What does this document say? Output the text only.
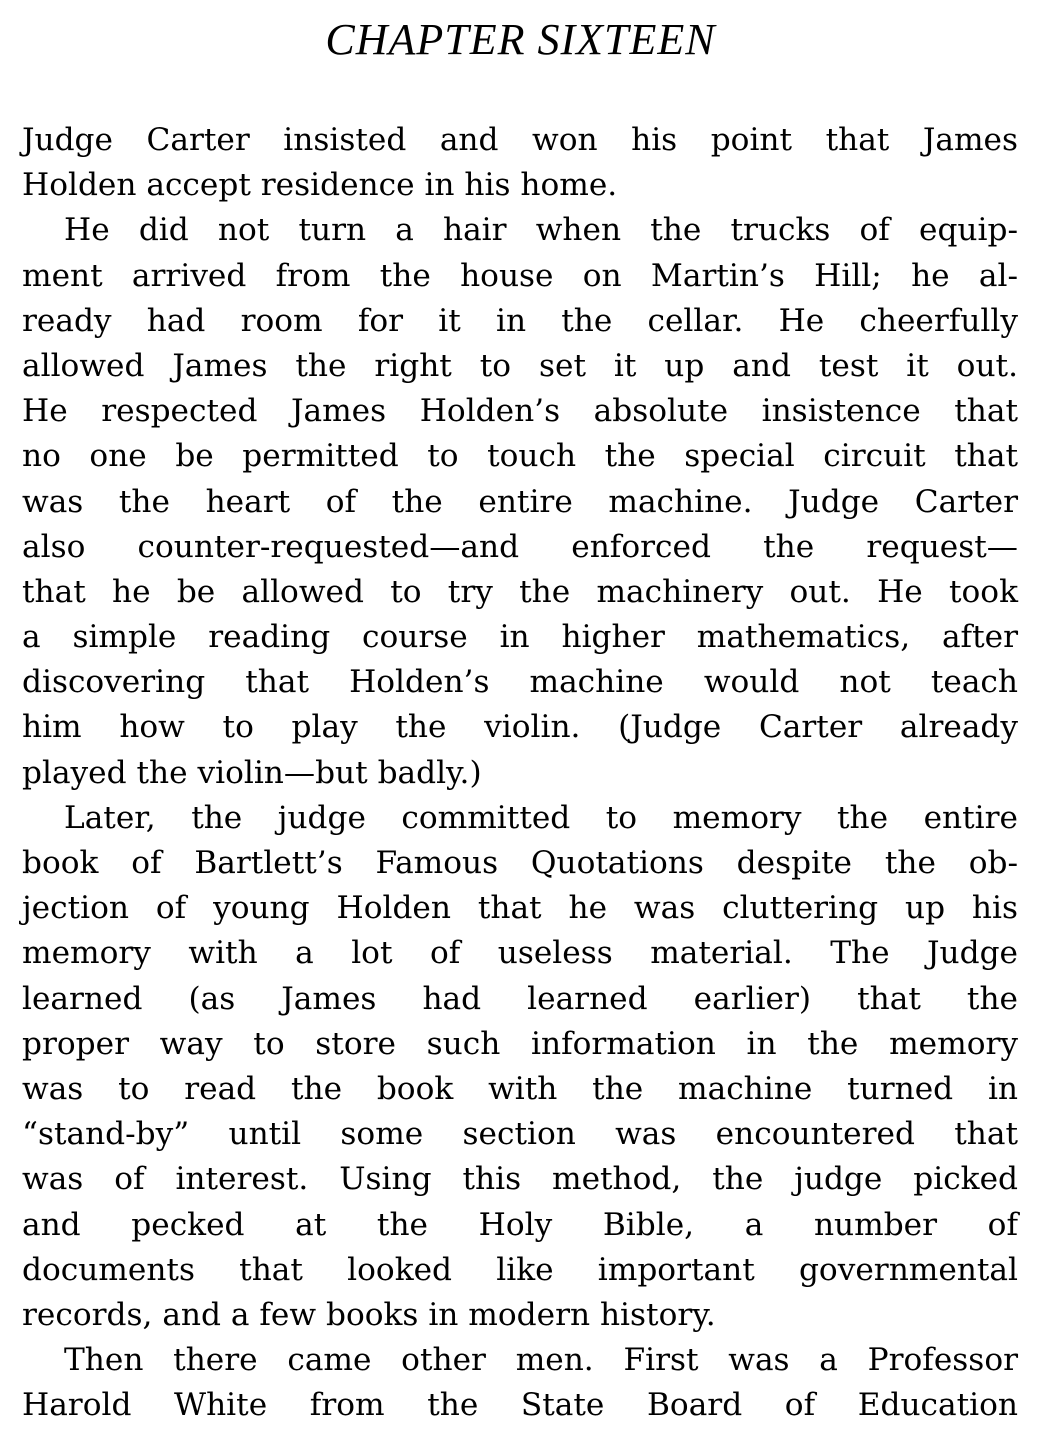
CHAPTER SIXTEEN
Judge Carter insisted and won his point that James
Holden accept residence in his home.
He did not turn a hair when the trucks of equip-
ment arrived from the house on Martin’s Hill; he al-
ready had room for it in the cellar. He cheerfully
allowed James the right to set it up and test it out.
He respected James Holden’s absolute insistence that
no one be permitted to touch the special circuit that
was the heart of the entire machine. Judge Carter
also counter-requested—and enforced the request—
that he be allowed to try the machinery out. He took
a simple reading course in higher mathematics, after
discovering that Holden’s machine would not teach
him how to play the violin. (Judge Carter already
played the violin—but badly.)
Later, the judge committed to memory the entire
book of Bartlett’s Famous Quotations despite the ob-
jection of young Holden that he was cluttering up his
memory with a lot of useless material. The Judge
learned (as James had learned earlier) that the
proper way to store such information in the memory
was to read the book with the machine turned in
“stand-by” until some section was encountered that
was of interest. Using this method, the judge picked
and pecked at the Holy Bible, a number of
documents that looked like important governmental
records, and a few books in modern history.
Then there came other men. First was a Professor
Harold White from the State Board of Education
